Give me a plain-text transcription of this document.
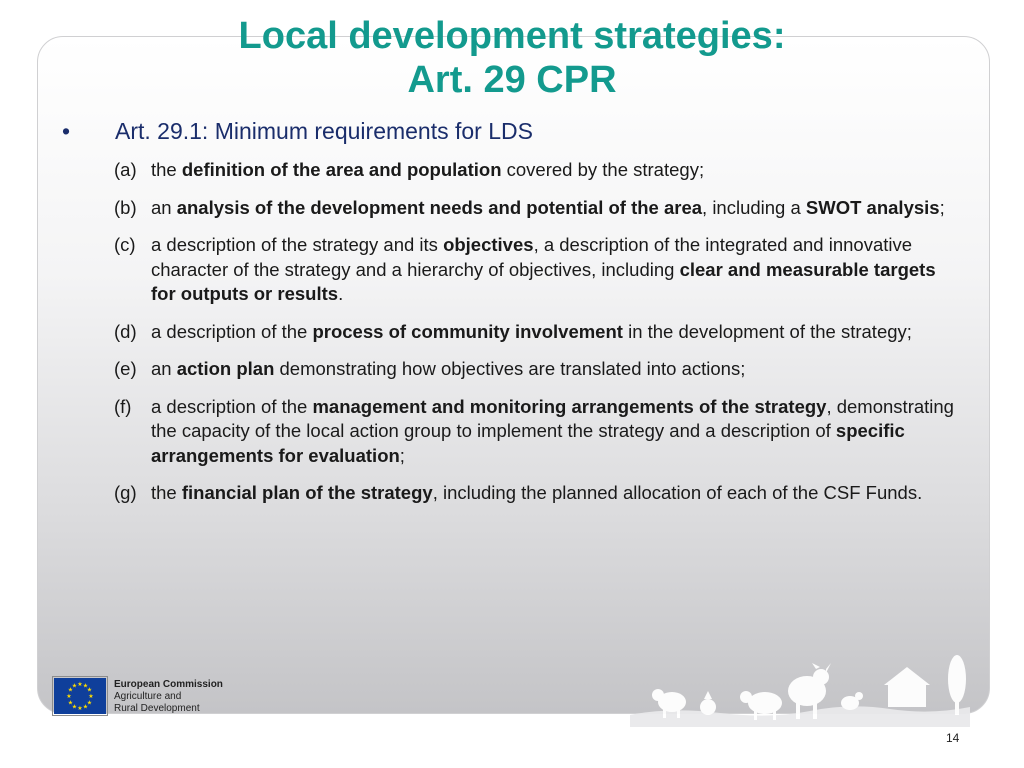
Local development strategies:
Art. 29 CPR
• Art. 29.1: Minimum requirements for LDS
(a) the definition of the area and population covered by the strategy;
(b) an analysis of the development needs and potential of the area, including a SWOT analysis;
(c) a description of the strategy and its objectives, a description of the integrated and innovative character of the strategy and a hierarchy of objectives, including clear and measurable targets for outputs or results.
(d) a description of the process of community involvement in the development of the strategy;
(e) an action plan demonstrating how objectives are translated into actions;
(f) a description of the management and monitoring arrangements of the strategy, demonstrating the capacity of the local action group to implement the strategy and a description of specific arrangements for evaluation;
(g) the financial plan of the strategy, including the planned allocation of each of the CSF Funds.
★ ★
★
★
★
★
★
★
★
★
★
★	European Commission
Agriculture and
Rural Development
14
